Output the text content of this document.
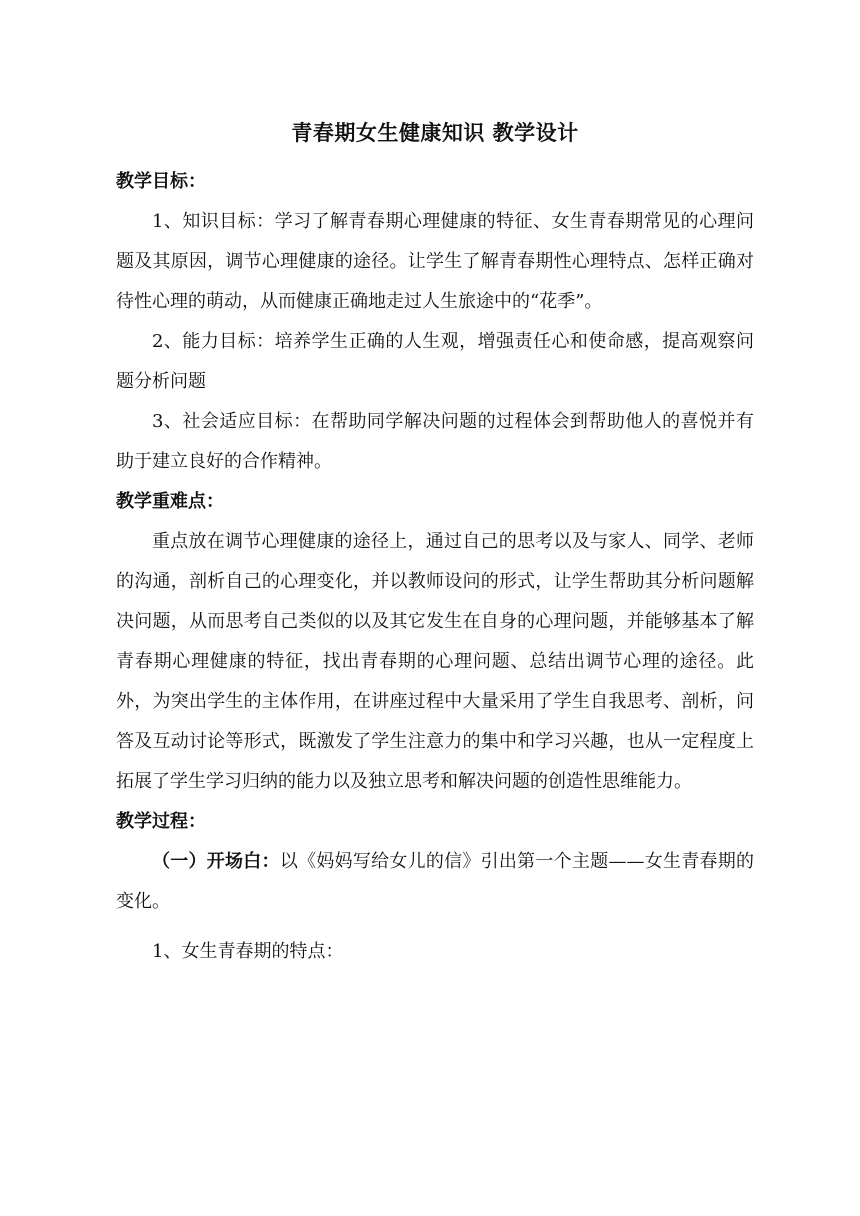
青春期女生健康知识 教学设计

教学目标：

1、知识目标：学习了解青春期心理健康的特征、女生青春期常见的心理问题及其原因，调节心理健康的途径。让学生了解青春期性心理特点、怎样正确对待性心理的萌动，从而健康正确地走过人生旅途中的“花季”。

2、能力目标：培养学生正确的人生观，增强责任心和使命感，提高观察问题分析问题

3、社会适应目标：在帮助同学解决问题的过程体会到帮助他人的喜悦并有助于建立良好的合作精神。

教学重难点：

重点放在调节心理健康的途径上，通过自己的思考以及与家人、同学、老师的沟通，剖析自己的心理变化，并以教师设问的形式，让学生帮助其分析问题解决问题，从而思考自己类似的以及其它发生在自身的心理问题，并能够基本了解青春期心理健康的特征，找出青春期的心理问题、总结出调节心理的途径。此外，为突出学生的主体作用，在讲座过程中大量采用了学生自我思考、剖析，问答及互动讨论等形式，既激发了学生注意力的集中和学习兴趣，也从一定程度上拓展了学生学习归纳的能力以及独立思考和解决问题的创造性思维能力。

教学过程：

（一）开场白：以《妈妈写给女儿的信》引出第一个主题——女生青春期的变化。

1、女生青春期的特点：
